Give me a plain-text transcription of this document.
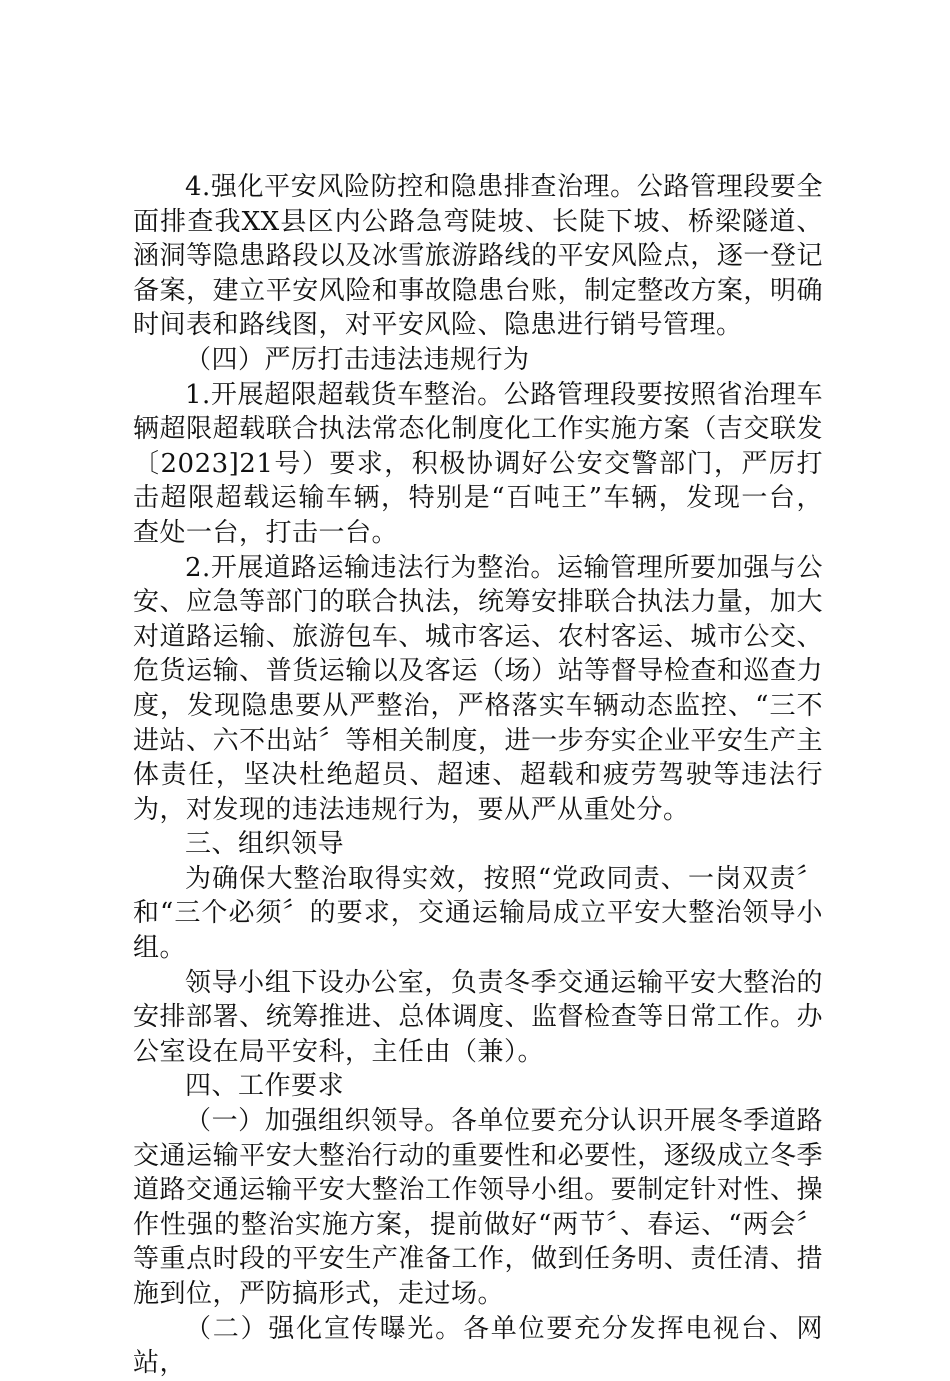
4.强化平安风险防控和隐患排查治理。公路管理段要全面排查我XX县区内公路急弯陡坡、长陡下坡、桥梁隧道、涵洞等隐患路段以及冰雪旅游路线的平安风险点，逐一登记备案，建立平安风险和事故隐患台账，制定整改方案，明确时间表和路线图，对平安风险、隐患进行销号管理。

（四）严厉打击违法违规行为

1.开展超限超载货车整治。公路管理段要按照省治理车辆超限超载联合执法常态化制度化工作实施方案（吉交联发〔2023]21号）要求，积极协调好公安交警部门，严厉打击超限超载运输车辆，特别是“百吨王”车辆，发现一台，查处一台，打击一台。

2.开展道路运输违法行为整治。运输管理所要加强与公安、应急等部门的联合执法，统筹安排联合执法力量，加大对道路运输、旅游包车、城市客运、农村客运、城市公交、危货运输、普货运输以及客运（场）站等督导检查和巡查力度，发现隐患要从严整治，严格落实车辆动态监控、“三不进站、六不出站〞等相关制度，进一步夯实企业平安生产主体责任，坚决杜绝超员、超速、超载和疲劳驾驶等违法行为，对发现的违法违规行为，要从严从重处分。

三、组织领导

为确保大整治取得实效，按照“党政同责、一岗双责〞和“三个必须〞的要求，交通运输局成立平安大整治领导小组。

领导小组下设办公室，负责冬季交通运输平安大整治的安排部署、统筹推进、总体调度、监督检查等日常工作。办公室设在局平安科，主任由（兼）。

四、工作要求

（一）加强组织领导。各单位要充分认识开展冬季道路交通运输平安大整治行动的重要性和必要性，逐级成立冬季道路交通运输平安大整治工作领导小组。要制定针对性、操作性强的整治实施方案，提前做好“两节〞、春运、“两会〞等重点时段的平安生产准备工作，做到任务明、责任清、措施到位，严防搞形式，走过场。

（二）强化宣传曝光。各单位要充分发挥电视台、网站，
